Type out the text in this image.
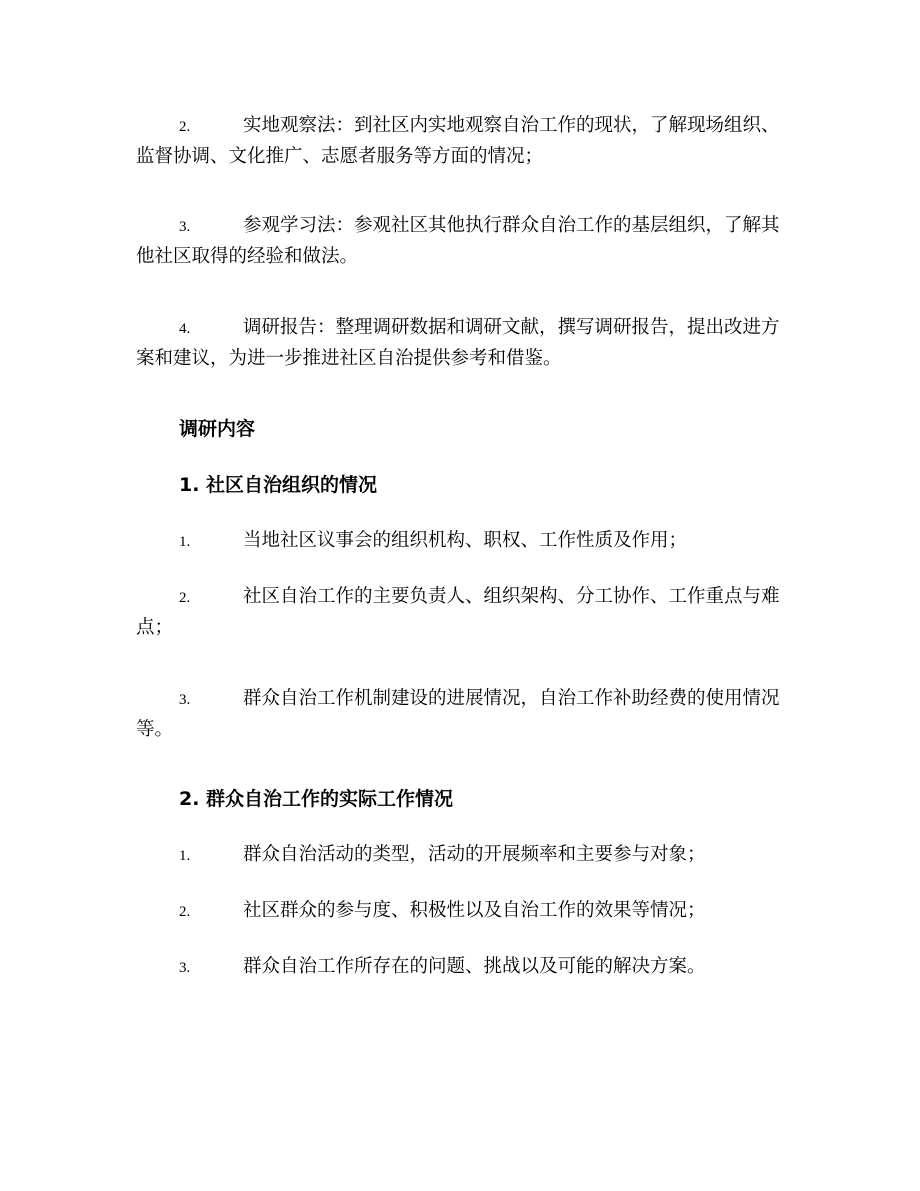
2.	实地观察法：到社区内实地观察自治工作的现状，了解现场组织、监督协调、文化推广、志愿者服务等方面的情况；
3.	参观学习法：参观社区其他执行群众自治工作的基层组织，了解其他社区取得的经验和做法。
4.	调研报告：整理调研数据和调研文献，撰写调研报告，提出改进方案和建议，为进一步推进社区自治提供参考和借鉴。
调研内容
1. 社区自治组织的情况
1.	当地社区议事会的组织机构、职权、工作性质及作用；
2.	社区自治工作的主要负责人、组织架构、分工协作、工作重点与难点；
3.	群众自治工作机制建设的进展情况，自治工作补助经费的使用情况等。
2. 群众自治工作的实际工作情况
1.	群众自治活动的类型，活动的开展频率和主要参与对象；
2.	社区群众的参与度、积极性以及自治工作的效果等情况；
3.	群众自治工作所存在的问题、挑战以及可能的解决方案。
